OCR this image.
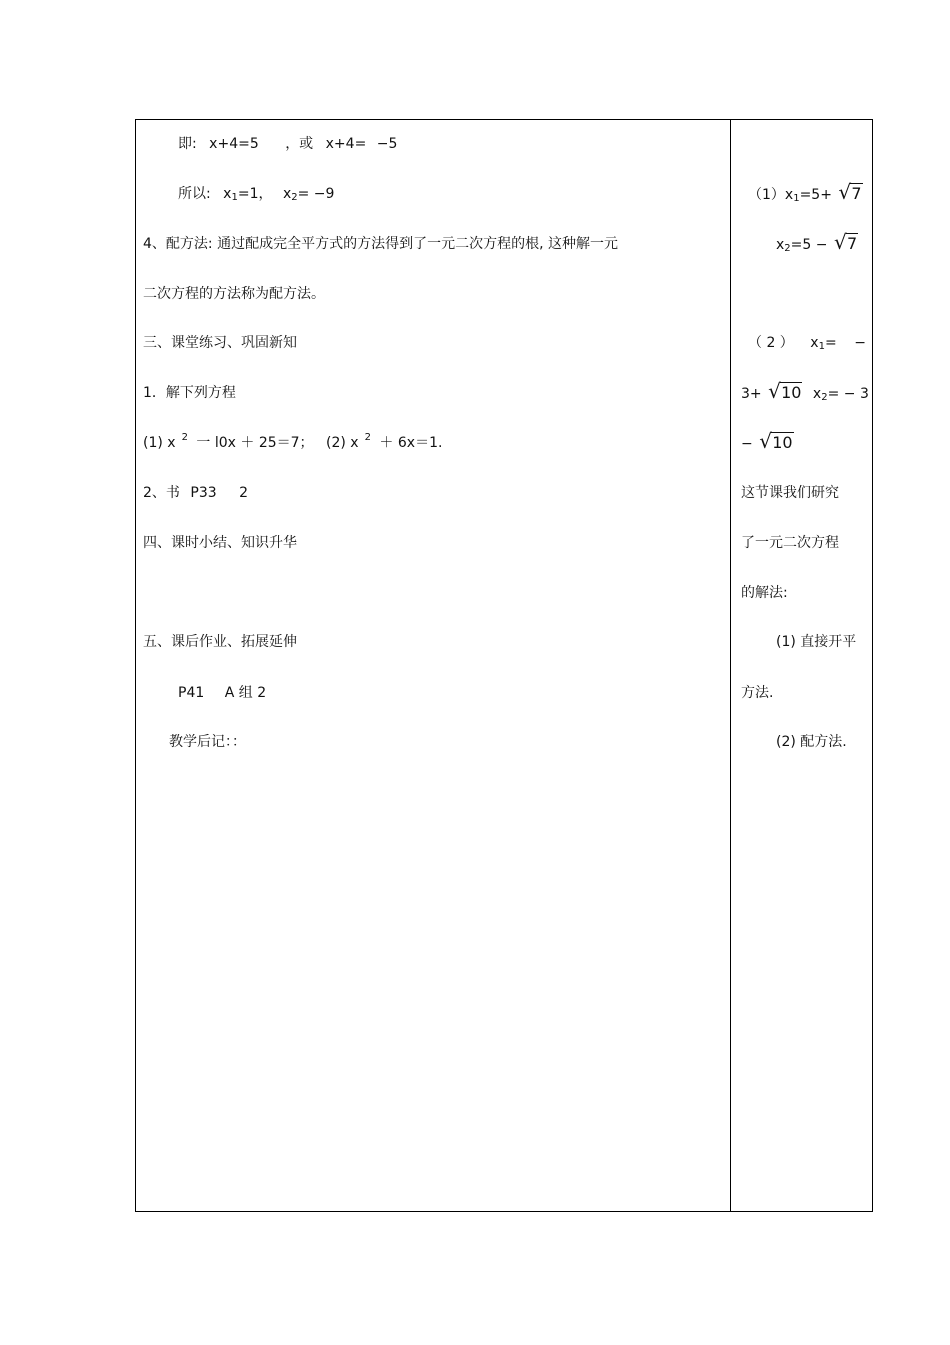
即: x+4=5 ，或 x+4= −5
所以: x1=1， x2= −9
4、配方法: 通过配成完全平方式的方法得到了一元二次方程的根, 这种解一元
二次方程的方法称为配方法。
三、课堂练习、巩固新知
1．解下列方程
(1) x $^2$ 一 l0x ＋ 25＝7； (2) x $^2$ ＋ 6x＝1.
2、书 P33 2
四、课时小结、知识升华
五、课后作业、拓展延伸
P41 A 组 2
教学后记：：
（1）x1=5+ √ 7
x2=5 − √ 7
（ 2 ） x1= −
3+ √ 10 x2= − 3
− √ 10
这节课我们研究
了一元二次方程
的解法:
(1) 直接开平
方法.
(2) 配方法.
